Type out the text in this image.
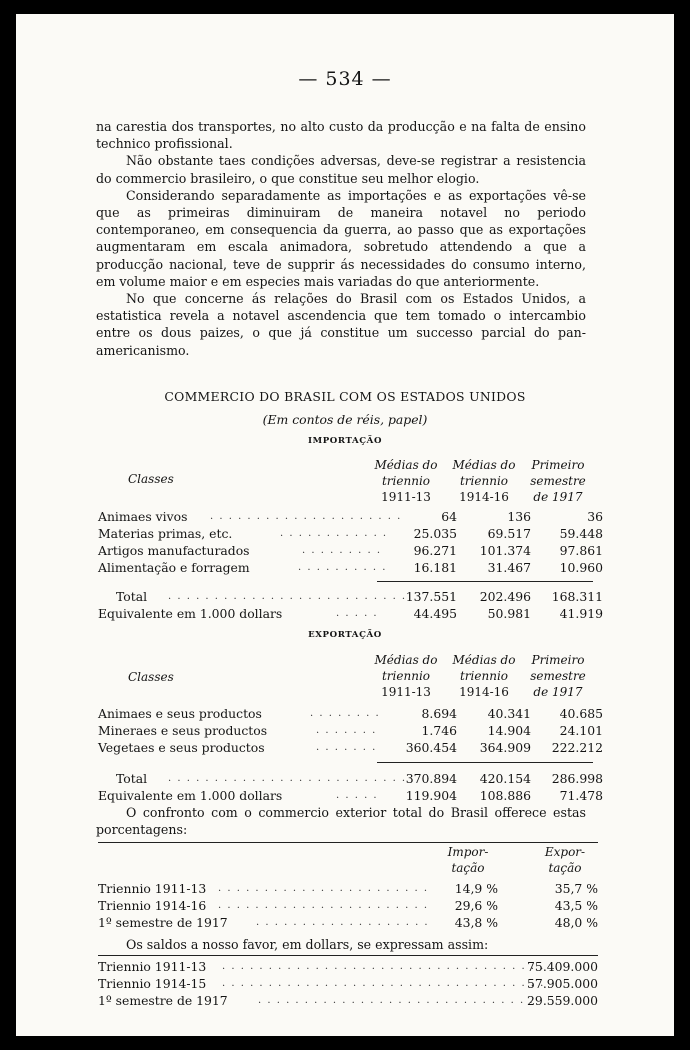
— 534 —

na carestia dos transportes, no alto custo da producção e na falta de ensino technico profissional.

Não obstante taes condições adversas, deve-se registrar a resistencia do commercio brasileiro, o que constitue seu melhor elogio.

Considerando separadamente as importações e as exportações vê-se que as primeiras diminuiram de maneira notavel no periodo contemporaneo, em consequencia da guerra, ao passo que as exportações augmentaram em escala animadora, sobretudo attendendo a que a producção nacional, teve de supprir ás necessidades do consumo interno, em volume maior e em especies mais variadas do que anteriormente.

No que concerne ás relações do Brasil com os Estados Unidos, a estatistica revela a notavel ascendencia que tem tomado o intercambio entre os dous paizes, o que já constitue um successo parcial do pan-americanismo.

COMMERCIO DO BRASIL COM OS ESTADOS UNIDOS
(Em contos de réis, papel)
IMPORTAÇÃO
Médias do
triennio
1911-13
Médias do
triennio
1914-16
Primeiro
semestre
de 1917
Classes
Animaes vivos . . . . . . . . . . . . . . . . . . . . .	64	136	36
Materias primas, etc.	. . . . . . . . . . . .	25.035	69.517	59.448
Artigos manufacturados	. . . . . . . . .	96.271	101.374	97.861
Alimentação e forragem	. . . . . . . . . .	16.181	31.467	10.960
Total . . . . . . . . . . . . . . . . . . . . . . . . . . 137.551	202.496	168.311
Equivalente em 1.000 dollars	. . . . .	44.495	50.981	41.919
EXPORTAÇÃO
Médias do
triennio
1911-13
Médias do
triennio
1914-16
Primeiro
semestre
de 1917
Classes
Animaes e seus productos	. . . . . . . .	8.694	40.341	40.685
Mineraes e seus productos	. . . . . . .	1.746	14.904	24.101
Vegetaes e seus productos	. . . . . . .	360.454	364.909	222.212
Total . . . . . . . . . . . . . . . . . . . . . . . . . . 370.894	420.154	286.998
Equivalente em 1.000 dollars	. . . . .	119.904	108.886	71.478

O confronto com o commercio exterior total do Brasil offerece estas porcentagens:

Impor-
tação
Expor-
tação
Triennio 1911-13 . . . . . . . . . . . . . . . . . . . . . . .	14,9 %	35,7 %
Triennio 1914-16 . . . . . . . . . . . . . . . . . . . . . . .	29,6 %	43,5 %
1º semestre de 1917	. . . . . . . . . . . . . . . . . . .	43,8 %	48,0 %

Os saldos a nosso favor, em dollars, se expressam assim:

Triennio 1911-13 . . . . . . . . . . . . . . . . . . . . . . . . . . . . . . . . . . .
75.409.000
Triennio 1914-15 . . . . . . . . . . . . . . . . . . . . . . . . . . . . . . . . . . .
57.905.000
1º semestre de 1917	. . . . . . . . . . . . . . . . . . . . . . . . . . . . . .
29.559.000
